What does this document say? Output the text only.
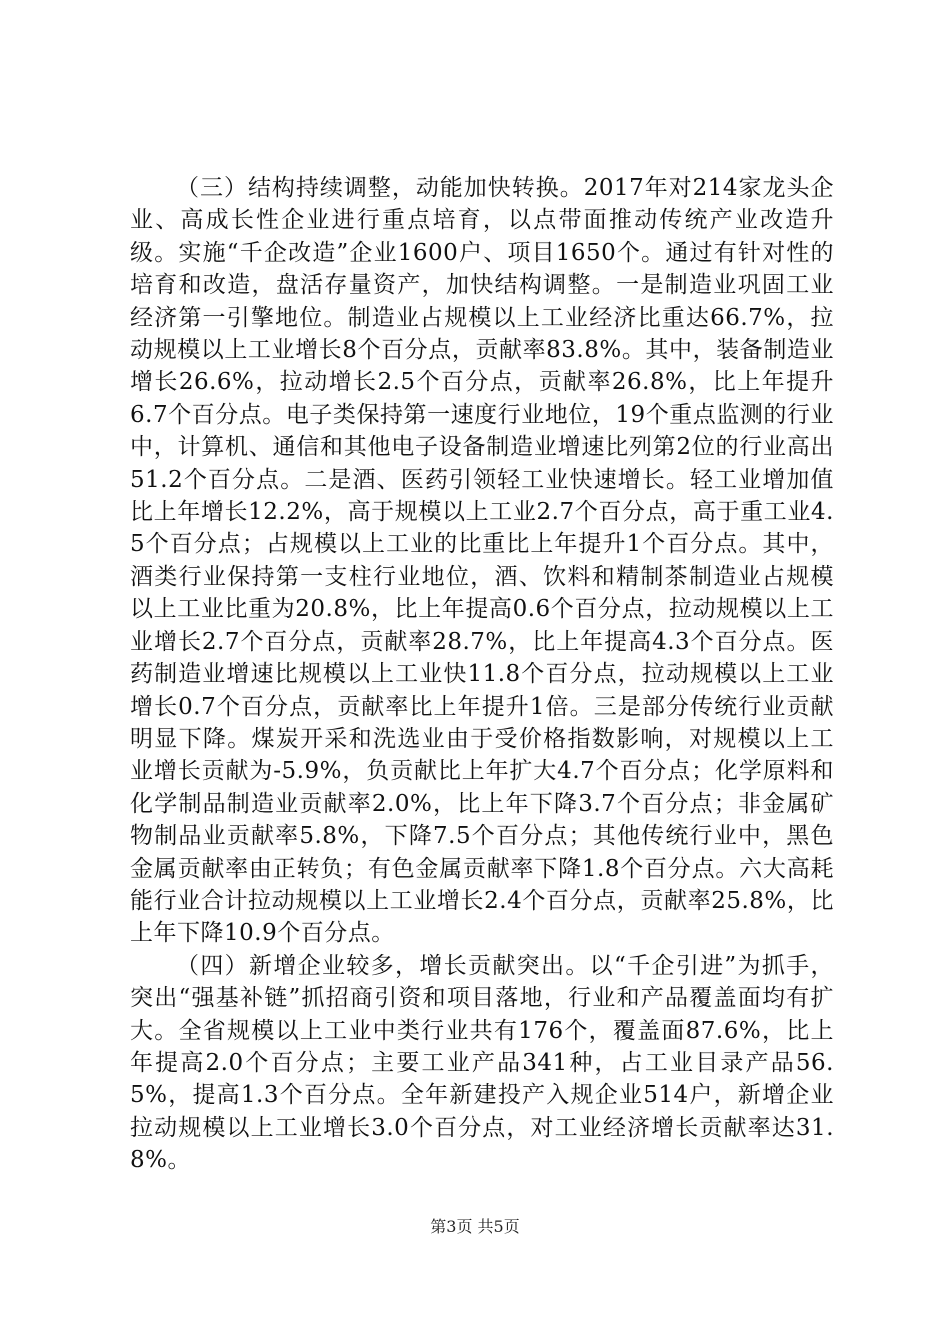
（三）结构持续调整，动能加快转换。2017年对214家龙头企业、高成长性企业进行重点培育，以点带面推动传统产业改造升级。实施“千企改造”企业1600户、项目1650个。通过有针对性的培育和改造，盘活存量资产，加快结构调整。一是制造业巩固工业经济第一引擎地位。制造业占规模以上工业经济比重达66.7%，拉动规模以上工业增长8个百分点，贡献率83.8%。其中，装备制造业增长26.6%，拉动增长2.5个百分点，贡献率26.8%，比上年提升6.7个百分点。电子类保持第一速度行业地位，19个重点监测的行业中，计算机、通信和其他电子设备制造业增速比列第2位的行业高出51.2个百分点。二是酒、医药引领轻工业快速增长。轻工业增加值比上年增长12.2%，高于规模以上工业2.7个百分点，高于重工业4.5个百分点；占规模以上工业的比重比上年提升1个百分点。其中，酒类行业保持第一支柱行业地位，酒、饮料和精制茶制造业占规模以上工业比重为20.8%，比上年提高0.6个百分点，拉动规模以上工业增长2.7个百分点，贡献率28.7%，比上年提高4.3个百分点。医药制造业增速比规模以上工业快11.8个百分点，拉动规模以上工业增长0.7个百分点，贡献率比上年提升1倍。三是部分传统行业贡献明显下降。煤炭开采和洗选业由于受价格指数影响，对规模以上工业增长贡献为-5.9%，负贡献比上年扩大4.7个百分点；化学原料和化学制品制造业贡献率2.0%，比上年下降3.7个百分点；非金属矿物制品业贡献率5.8%，下降7.5个百分点；其他传统行业中，黑色金属贡献率由正转负；有色金属贡献率下降1.8个百分点。六大高耗能行业合计拉动规模以上工业增长2.4个百分点，贡献率25.8%，比上年下降10.9个百分点。

（四）新增企业较多，增长贡献突出。以“千企引进”为抓手，突出“强基补链”抓招商引资和项目落地，行业和产品覆盖面均有扩大。全省规模以上工业中类行业共有176个，覆盖面87.6%，比上年提高2.0个百分点；主要工业产品341种，占工业目录产品56.5%，提高1.3个百分点。全年新建投产入规企业514户，新增企业拉动规模以上工业增长3.0个百分点，对工业经济增长贡献率达31.8%。

第3页 共5页
